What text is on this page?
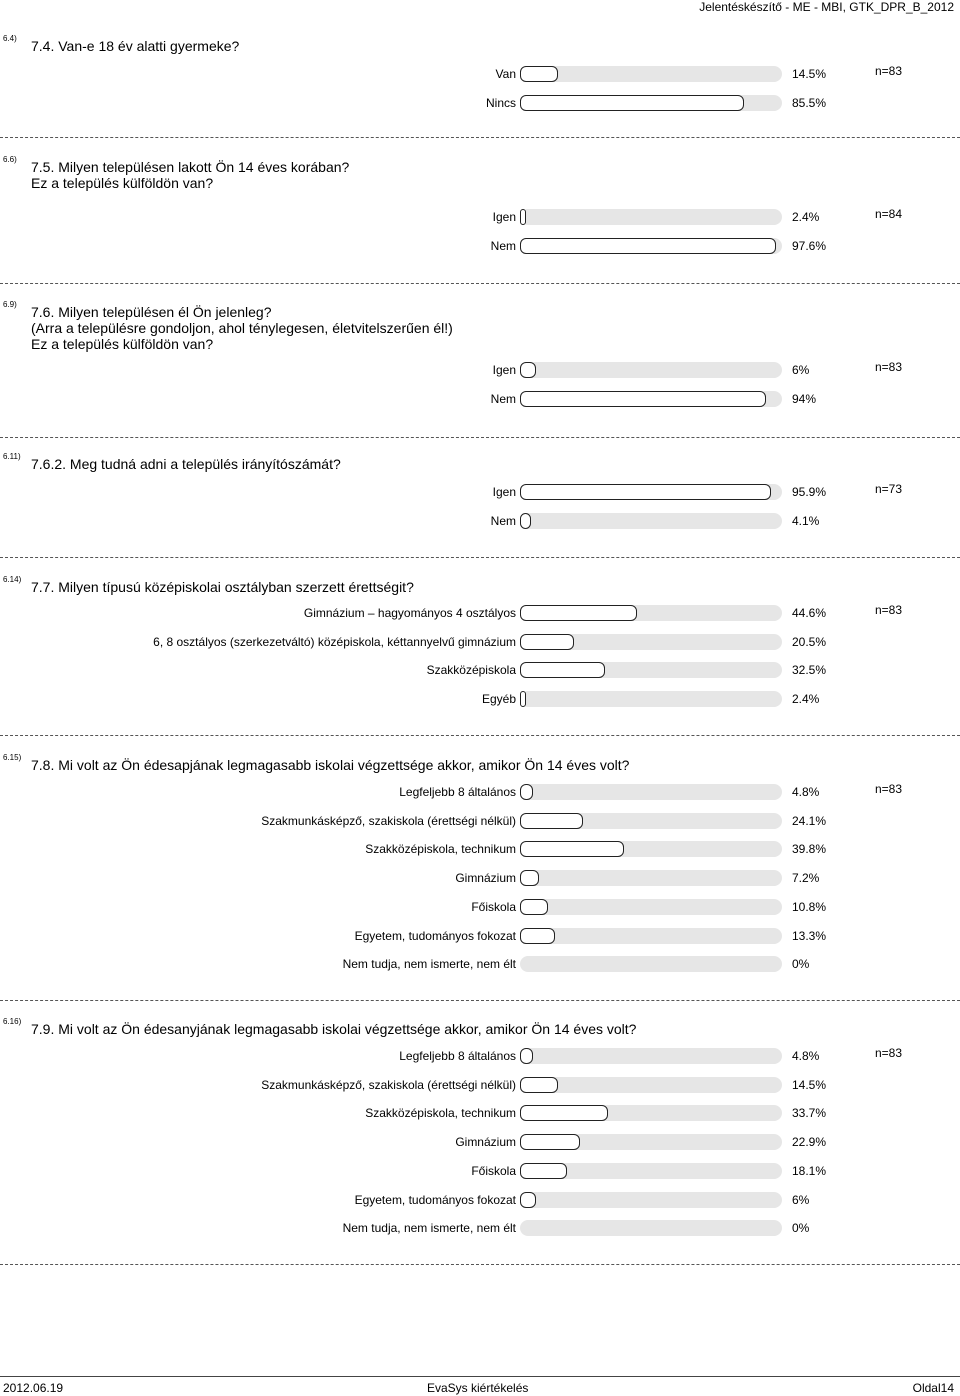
Jelentéskészítő - ME - MBI, GTK_DPR_B_2012
6.4) 7.4. Van-e 18 év alatti gyermeke?
n=83
Van	14.5%
Nincs	85.5%
6.6) 7.5. Milyen településen lakott Ön 14 éves korában?
Ez a település külföldön van?
n=84
Igen	2.4%
Nem	97.6%
6.9) 7.6. Milyen településen él Ön jelenleg?
(Arra a településre gondoljon, ahol ténylegesen, életvitelszerűen él!)
Ez a település külföldön van?
n=83
Igen	6%
Nem	94%
6.11) 7.6.2. Meg tudná adni a település irányítószámát?
n=73
Igen	95.9%
Nem	4.1%
6.14) 7.7. Milyen típusú középiskolai osztályban szerzett érettségit?
n=83
Gimnázium – hagyományos 4 osztályos	44.6%
6, 8 osztályos (szerkezetváltó) középiskola, kéttannyelvű gimnázium	20.5%
Szakközépiskola	32.5%
Egyéb	2.4%
6.15) 7.8. Mi volt az Ön édesapjának legmagasabb iskolai végzettsége akkor, amikor Ön 14 éves volt?
n=83
Legfeljebb 8 általános	4.8%
Szakmunkásképző, szakiskola (érettségi nélkül)	24.1%
Szakközépiskola, technikum	39.8%
Gimnázium	7.2%
Főiskola	10.8%
Egyetem, tudományos fokozat	13.3%
Nem tudja, nem ismerte, nem élt	0%
6.16) 7.9. Mi volt az Ön édesanyjának legmagasabb iskolai végzettsége akkor, amikor Ön 14 éves volt?
n=83
Legfeljebb 8 általános	4.8%
Szakmunkásképző, szakiskola (érettségi nélkül)	14.5%
Szakközépiskola, technikum	33.7%
Gimnázium	22.9%
Főiskola	18.1%
Egyetem, tudományos fokozat	6%
Nem tudja, nem ismerte, nem élt	0%
2012.06.19	EvaSys kiértékelés	Oldal14
